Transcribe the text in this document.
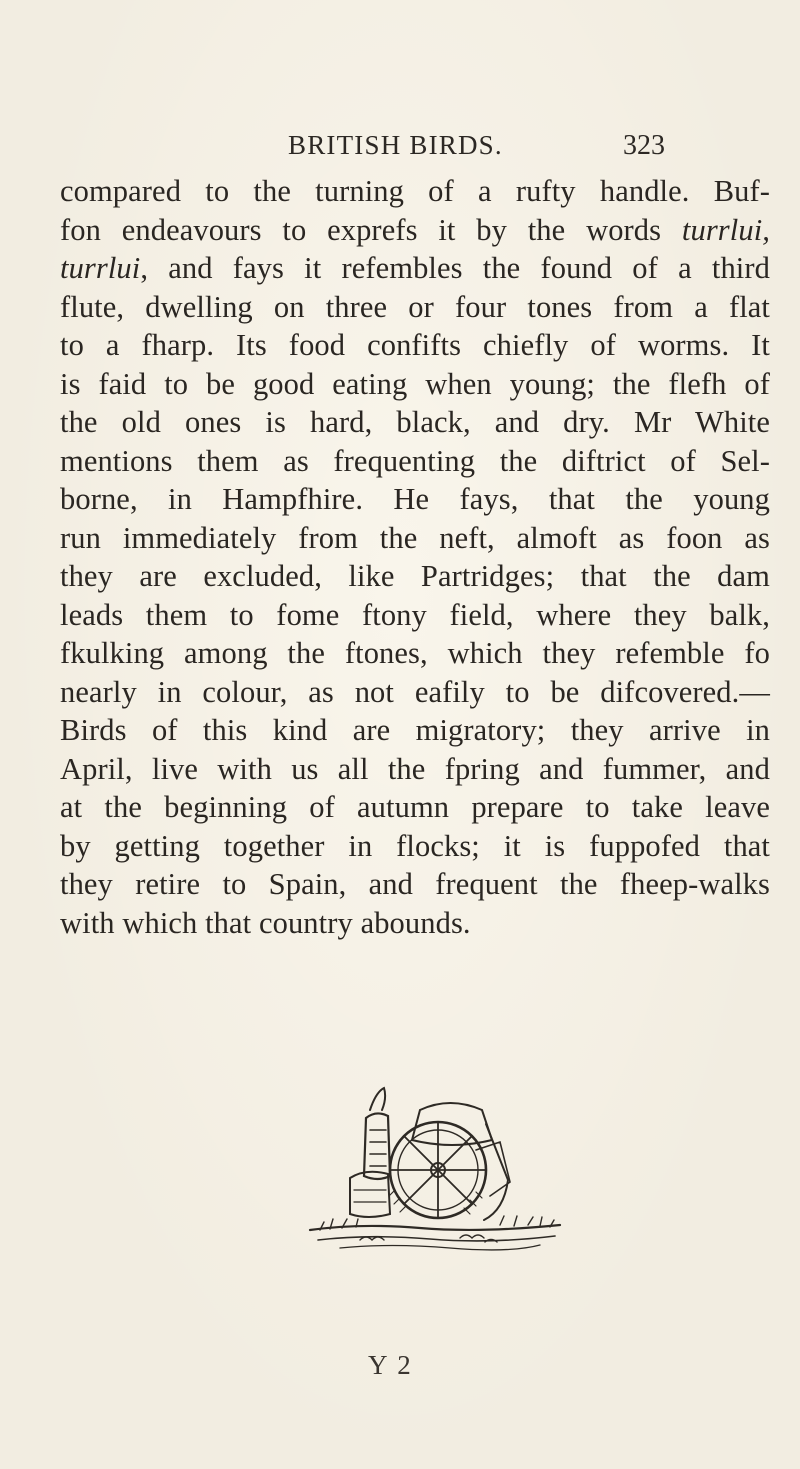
BRITISH BIRDS.	323
compared to the turning of a rufty handle. Buf-
fon endeavours to exprefs it by the words turrlui,
turrlui, and fays it refembles the found of a third
flute, dwelling on three or four tones from a flat
to a fharp. Its food confifts chiefly of worms. It
is faid to be good eating when young; the flefh of
the old ones is hard, black, and dry. Mr White
mentions them as frequenting the diftrict of Sel-
borne, in Hampfhire. He fays, that the young
run immediately from the neft, almoft as foon as
they are excluded, like Partridges; that the dam
leads them to fome ftony field, where they balk,
fkulking among the ftones, which they refemble fo
nearly in colour, as not eafily to be difcovered.—
Birds of this kind are migratory; they arrive in
April, live with us all the fpring and fummer, and
at the beginning of autumn prepare to take leave
by getting together in flocks; it is fuppofed that
they retire to Spain, and frequent the fheep-walks
with which that country abounds.
Y 2
